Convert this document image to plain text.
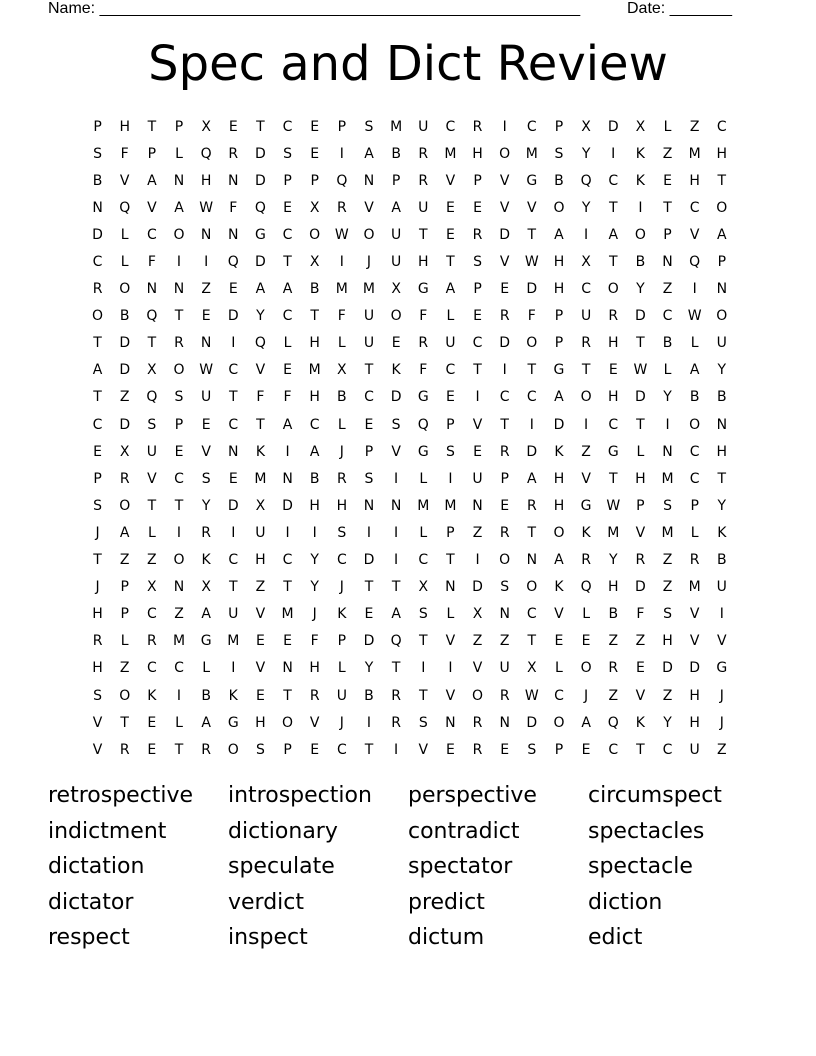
Name: ______________________________________________________	Date: _______
Spec and Dict Review
P	H	T	P	X	E	T	C	E	P	S	M	U	C	R	I	C	P	X	D	X	L	Z	C
S	F	P	L	Q	R	D	S	E	I	A	B	R	M	H	O	M	S	Y	I	K	Z	M	H
B	V	A	N	H	N	D	P	P	Q	N	P	R	V	P	V	G	B	Q	C	K	E	H	T
N	Q	V	A	W	F	Q	E	X	R	V	A	U	E	E	V	V	O	Y	T	I	T	C	O
D	L	C	O	N	N	G	C	O	W	O	U	T	E	R	D	T	A	I	A	O	P	V	A
C	L	F	I	I	Q	D	T	X	I	J	U	H	T	S	V	W	H	X	T	B	N	Q	P
R	O	N	N	Z	E	A	A	B	M	M	X	G	A	P	E	D	H	C	O	Y	Z	I	N
O	B	Q	T	E	D	Y	C	T	F	U	O	F	L	E	R	F	P	U	R	D	C	W	O
T	D	T	R	N	I	Q	L	H	L	U	E	R	U	C	D	O	P	R	H	T	B	L	U
A	D	X	O	W	C	V	E	M	X	T	K	F	C	T	I	T	G	T	E	W	L	A	Y
T	Z	Q	S	U	T	F	F	H	B	C	D	G	E	I	C	C	A	O	H	D	Y	B	B
C	D	S	P	E	C	T	A	C	L	E	S	Q	P	V	T	I	D	I	C	T	I	O	N
E	X	U	E	V	N	K	I	A	J	P	V	G	S	E	R	D	K	Z	G	L	N	C	H
P	R	V	C	S	E	M	N	B	R	S	I	L	I	U	P	A	H	V	T	H	M	C	T
S	O	T	T	Y	D	X	D	H	H	N	N	M	M	N	E	R	H	G	W	P	S	P	Y
J	A	L	I	R	I	U	I	I	S	I	I	L	P	Z	R	T	O	K	M	V	M	L	K
T	Z	Z	O	K	C	H	C	Y	C	D	I	C	T	I	O	N	A	R	Y	R	Z	R	B
J	P	X	N	X	T	Z	T	Y	J	T	T	X	N	D	S	O	K	Q	H	D	Z	M	U
H	P	C	Z	A	U	V	M	J	K	E	A	S	L	X	N	C	V	L	B	F	S	V	I
R	L	R	M	G	M	E	E	F	P	D	Q	T	V	Z	Z	T	E	E	Z	Z	H	V	V
H	Z	C	C	L	I	V	N	H	L	Y	T	I	I	V	U	X	L	O	R	E	D	D	G
S	O	K	I	B	K	E	T	R	U	B	R	T	V	O	R	W	C	J	Z	V	Z	H	J
V	T	E	L	A	G	H	O	V	J	I	R	S	N	R	N	D	O	A	Q	K	Y	H	J
V	R	E	T	R	O	S	P	E	C	T	I	V	E	R	E	S	P	E	C	T	C	U	Z
retrospective	introspection	perspective	circumspect
indictment	dictionary	contradict	spectacles
dictation	speculate	spectator	spectacle
dictator	verdict	predict	diction
respect	inspect	dictum	edict
